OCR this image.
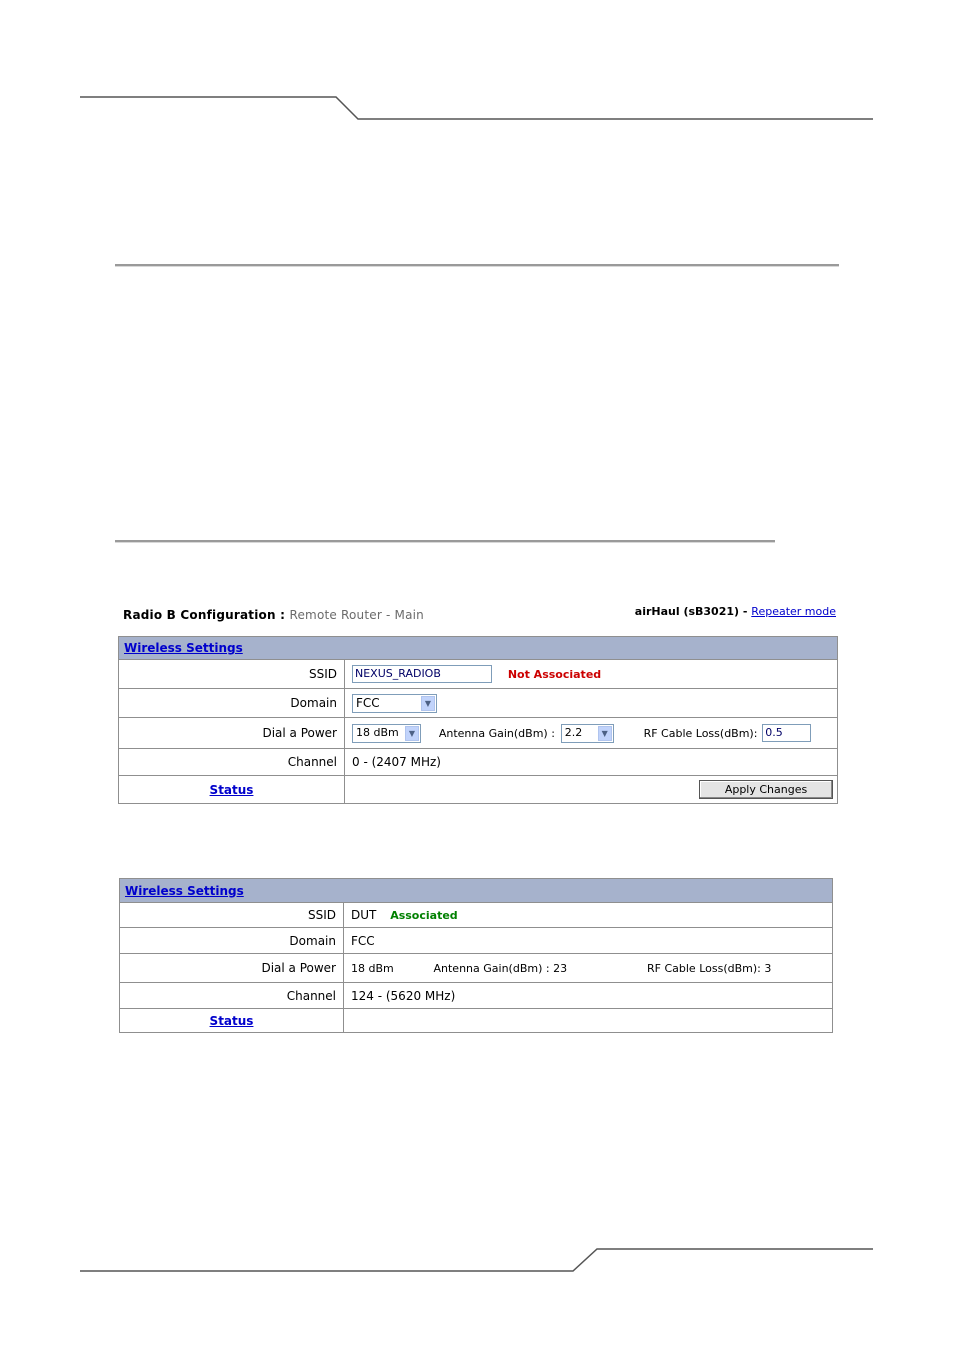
Radio B Configuration : Remote Router - Main	airHaul (sB3021) - Repeater mode
Wireless Settings	
SSID	NEXUS_RADIOB Not Associated
Domain	FCC ▼

Dial a Power	18 dBm ▼ Antenna Gain(dBm) : 2.2 ▼ RF Cable Loss(dBm): 0.5
Channel	0 - (2407 MHz)
Status	Apply Changes
Wireless Settings	
SSID	DUT Associated
Domain	FCC
Dial a Power	18 dBm Antenna Gain(dBm) : 23 RF Cable Loss(dBm): 3
Channel	124 - (5620 MHz)
Status	
